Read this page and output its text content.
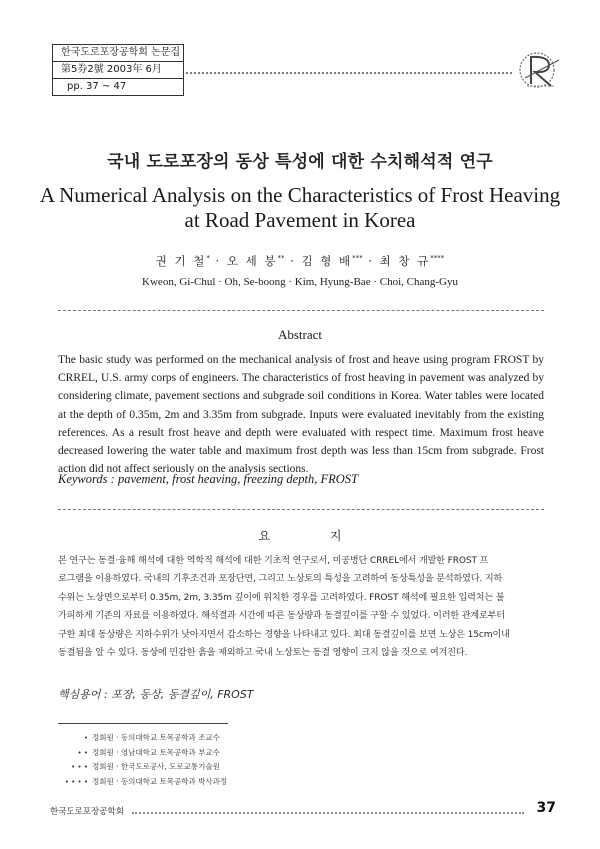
한국도로포장공학회 논문집
第5券2號 2003年 6月
pp. 37 ~ 47
국내 도로포장의 동상 특성에 대한 수치해석적 연구
A Numerical Analysis on the Characteristics of Frost Heaving
at Road Pavement in Korea
권 기 철* · 오 세 붕** · 김 형 배*** · 최 창 규****
Kweon, Gi-Chul · Oh, Se-boong · Kim, Hyung-Bae · Choi, Chang-Gyu
Abstract
The basic study was performed on the mechanical analysis of frost and heave using program FROST by CRREL, U.S. army corps of engineers. The characteristics of frost heaving in pavement was analyzed by considering climate, pavement sections and subgrade soil conditions in Korea. Water tables were located at the depth of 0.35m, 2m and 3.35m from subgrade. Inputs were evaluated inevitably from the existing references. As a result frost heave and depth were evaluated with respect time. Maximum frost heave decreased lowering the water table and maximum frost depth was less than 15cm from subgrade. Frost action did not affect seriously on the analysis sections.
Keywords : pavement, frost heaving, freezing depth, FROST
요 지
본 연구는 동결·융해 해석에 대한 역학적 해석에 대한 기초적 연구로서, 미공병단 CRREL에서 개발한 FROST 프
로그램을 이용하였다. 국내의 기후조건과 포장단면, 그리고 노상토의 특성을 고려하여 동상특성을 분석하였다. 지하
수위는 노상면으로부터 0.35m, 2m, 3.35m 깊이에 위치한 경우를 고려하였다. FROST 해석에 필요한 입력치는 불
가피하게 기존의 자료를 이용하였다. 해석결과 시간에 따른 동상량과 동결깊이를 구할 수 있었다. 이러한 관계로부터
구한 최대 동상량은 지하수위가 낮아지면서 감소하는 경향을 나타내고 있다. 최대 동결깊이를 보면 노상은 15cm이내
동결됨을 알 수 있다. 동상에 민감한 흙을 제외하고 국내 노상토는 동결 영향이 크지 않을 것으로 여겨진다.
핵심용어 : 포장, 동상, 동결깊이, FROST
• 정회원 · 동의대학교 토목공학과 조교수
• • 정회원 · 영남대학교 토목공학과 부교수
• • • 정회원 · 한국도로공사, 도로교통기술원
• • • • 정회원 · 동의대학교 토목공학과 박사과정
한국도로포장공학회	37
